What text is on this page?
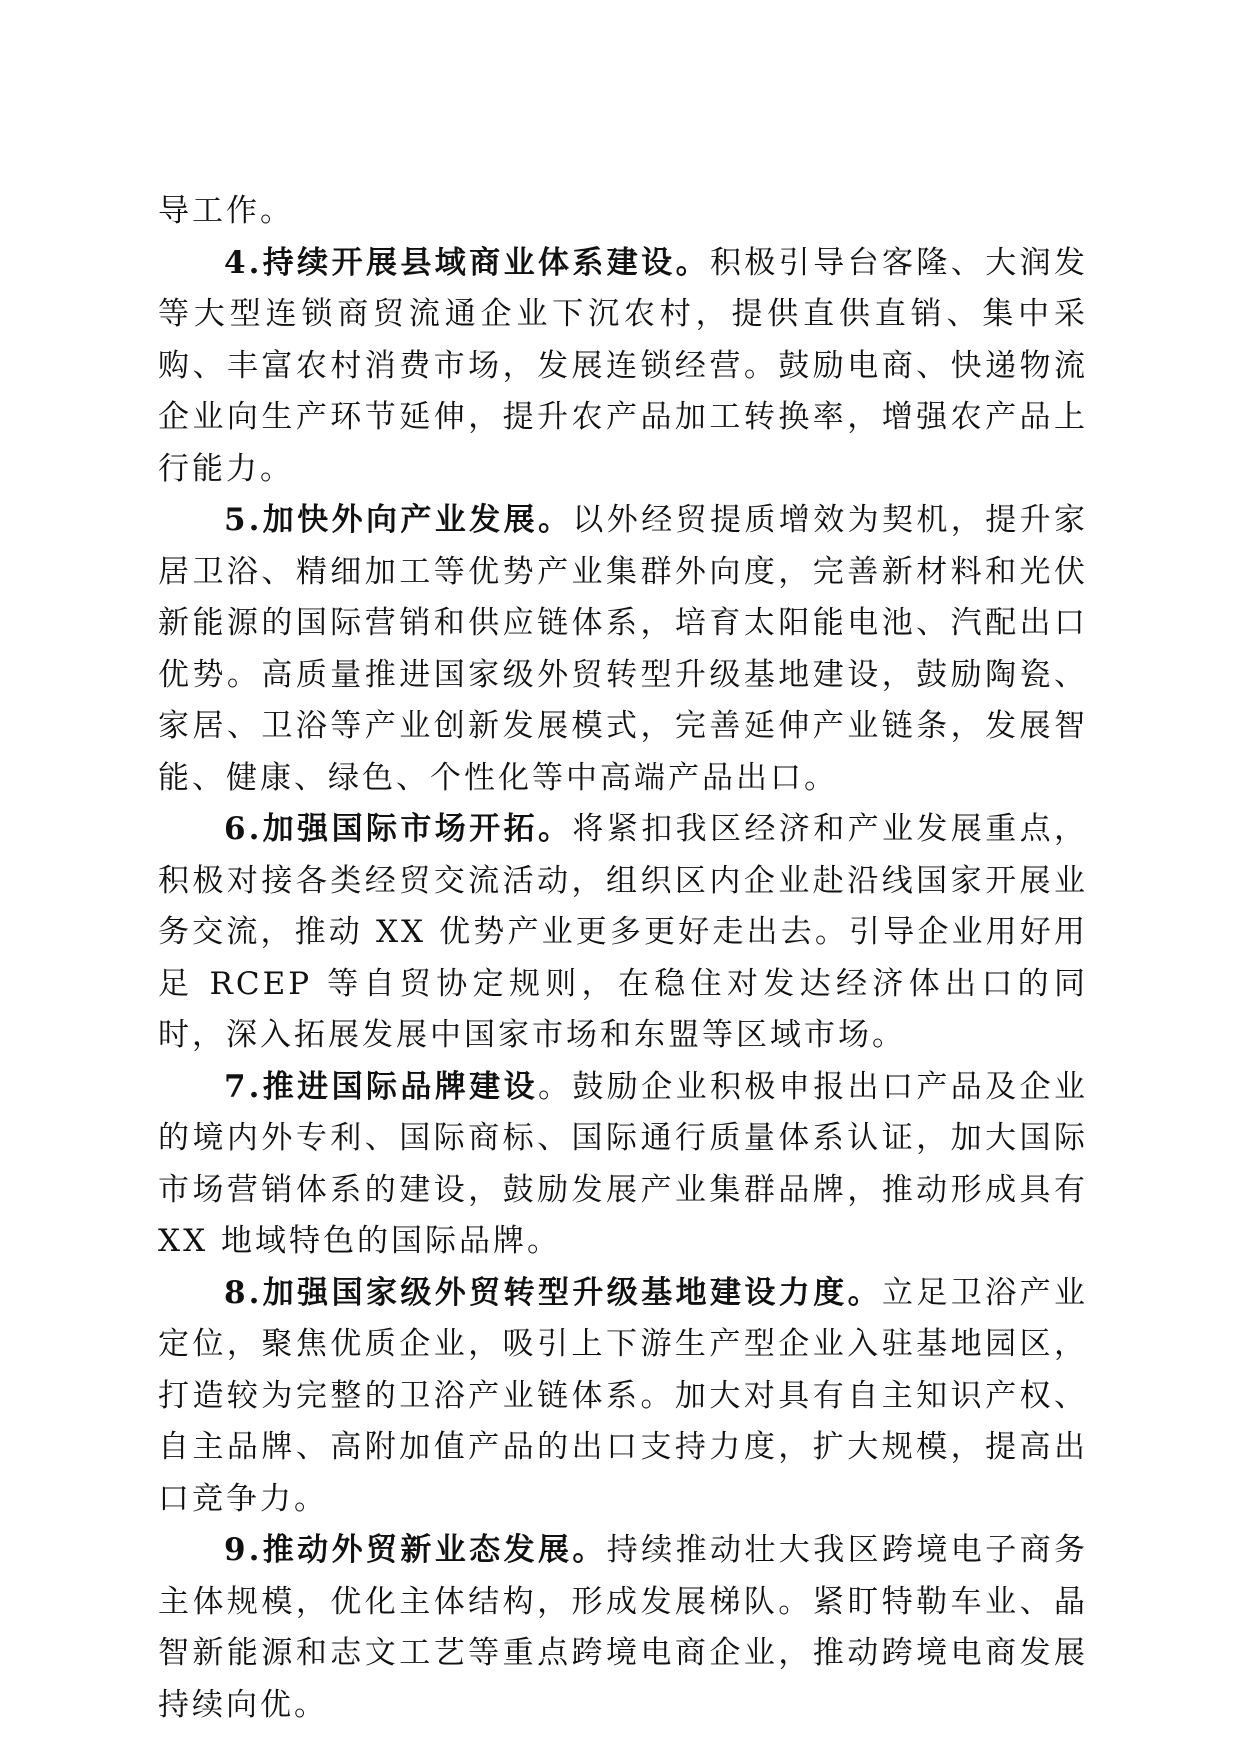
导工作。

4.持续开展县域商业体系建设。积极引导台客隆、大润发等大型连锁商贸流通企业下沉农村，提供直供直销、集中采购、丰富农村消费市场，发展连锁经营。鼓励电商、快递物流企业向生产环节延伸，提升农产品加工转换率，增强农产品上行能力。

5.加快外向产业发展。以外经贸提质增效为契机，提升家居卫浴、精细加工等优势产业集群外向度，完善新材料和光伏新能源的国际营销和供应链体系，培育太阳能电池、汽配出口优势。高质量推进国家级外贸转型升级基地建设，鼓励陶瓷、家居、卫浴等产业创新发展模式，完善延伸产业链条，发展智能、健康、绿色、个性化等中高端产品出口。

6.加强国际市场开拓。将紧扣我区经济和产业发展重点，积极对接各类经贸交流活动，组织区内企业赴沿线国家开展业务交流，推动 XX 优势产业更多更好走出去。引导企业用好用足 RCEP 等自贸协定规则，在稳住对发达经济体出口的同时，深入拓展发展中国家市场和东盟等区域市场。

7.推进国际品牌建设。鼓励企业积极申报出口产品及企业的境内外专利、国际商标、国际通行质量体系认证，加大国际市场营销体系的建设，鼓励发展产业集群品牌，推动形成具有 XX 地域特色的国际品牌。

8.加强国家级外贸转型升级基地建设力度。立足卫浴产业定位，聚焦优质企业，吸引上下游生产型企业入驻基地园区，打造较为完整的卫浴产业链体系。加大对具有自主知识产权、自主品牌、高附加值产品的出口支持力度，扩大规模，提高出口竞争力。

9.推动外贸新业态发展。持续推动壮大我区跨境电子商务主体规模，优化主体结构，形成发展梯队。紧盯特勒车业、晶智新能源和志文工艺等重点跨境电商企业，推动跨境电商发展持续向优。
